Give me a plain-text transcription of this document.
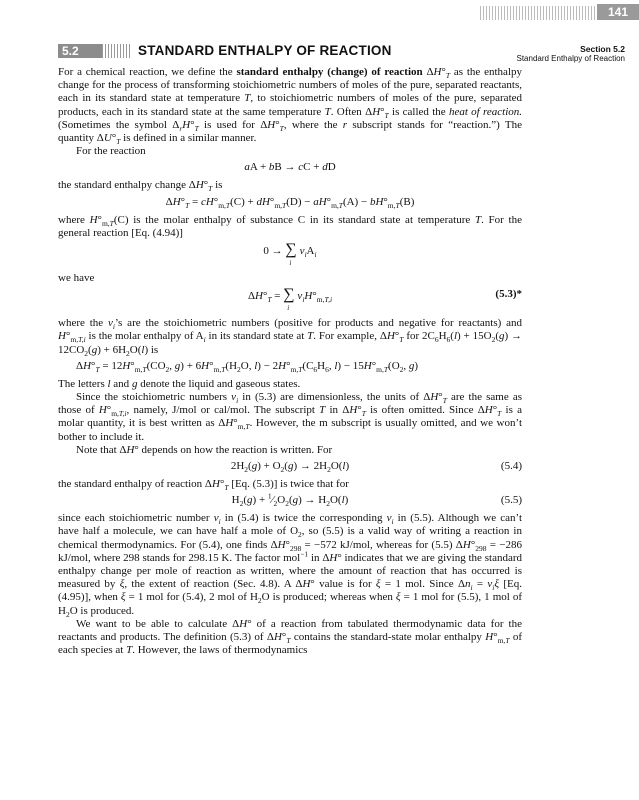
141
5.2	STANDARD ENTHALPY OF REACTION	Section 5.2
Standard Enthalpy of Reaction

For a chemical reaction, we define the standard enthalpy (change) of reaction $\Delta H^\circ_T$ as the enthalpy change for the process of transforming stoichiometric numbers of moles of the pure, separated reactants, each in its standard state at temperature T, to stoichiometric numbers of moles of the pure, separated products, each in its standard state at the same temperature T. Often $\Delta H^\circ_T$ is called the heat of reaction. (Sometimes the symbol $\Delta_rH^\circ_T$ is used for $\Delta H^\circ_T$, where the r subscript stands for “reaction.”) The quantity $\Delta U^\circ_T$ is defined in a similar manner.

For the reaction

aA + bB → cC + dD

the standard enthalpy change $\Delta H^\circ_T$ is

$\Delta H^\circ_T = cH^\circ_{m,T}(C) + dH^\circ_{m,T}(D) - aH^\circ_{m,T}(A) - bH^\circ_{m,T}(B)$

where $H^\circ_{m,T}(C)$ is the molar enthalpy of substance C in its standard state at temperature T. For the general reaction [Eq. (4.94)]

0 → ∑
i
$\nu_iA_i$

we have

$\Delta H^\circ_T$ = ∑
i
$\nu_iH^\circ_{m,T,i}$	(5.3)*

where the $\nu_i’s$ are the stoichiometric numbers (positive for products and negative for reactants) and $H^\circ_{m,T,i}$ is the molar enthalpy of $A_i$ in its standard state at T. For example, $\Delta H^\circ_T$ for $2C_6H_6(l) + 15O_2(g) \to 12CO_2(g) + 6H_2O(l)$ is

$\Delta H^\circ_T = 12H^\circ_{m,T}(CO_2$, $g) + 6H^\circ_{m,T}(H_2O$, $l) - 2H^\circ_{m,T}(C_6H_6$, $l) - 15H^\circ_{m,T}(O_2$, g)

The letters l and g denote the liquid and gaseous states.

Since the stoichiometric numbers $\nu_i$ in (5.3) are dimensionless, the units of $\Delta H^\circ_T$ are the same as those of $H^\circ_{m,T,i}$, namely, J/mol or cal/mol. The subscript T in $\Delta H^\circ_T$ is often omitted. Since $\Delta H^\circ_T$ is a molar quantity, it is best written as $\Delta H^\circ_{m,T}$. However, the m subscript is usually omitted, and we won’t bother to include it.

Note that ΔH° depends on how the reaction is written. For

$2H_2(g) + O_2(g) \to 2H_2O(l)$	(5.4)

the standard enthalpy of reaction $\Delta H^\circ_T$ [Eq. (5.3)] is twice that for

$H_2(g)$ + $^1⁄_2O_2(g) \to H_2O(l)$	(5.5)

since each stoichiometric number $\nu_i$ in (5.4) is twice the corresponding $\nu_i$ in (5.5). Although we can’t have half a molecule, we can have half a mole of $O_2$, so (5.5) is a valid way of writing a reaction in chemical thermodynamics. For (5.4), one finds $\Delta H^\circ_{298} = -572$ kJ/mol, whereas for (5.5) $\Delta H^\circ_{298} = -286$ kJ/mol, where 298 stands for 298.15 K. The factor mol$^{-1}$ in ΔH° indicates that we are giving the standard enthalpy change per mole of reaction as written, where the amount of reaction that has occurred is measured by ξ, the extent of reaction (Sec. 4.8). A ΔH° value is for ξ = 1 mol. Since $\Delta n_i = \nu_i\xi$ [Eq. (4.95)], when ξ = 1 mol for (5.4), 2 mol of $H_2O$ is produced; whereas when ξ = 1 mol for (5.5), 1 mol of $H_2O$ is produced.

We want to be able to calculate ΔH° of a reaction from tabulated thermodynamic data for the reactants and products. The definition (5.3) of $\Delta H^\circ_T$ contains the standard-state molar enthalpy $H^\circ_{m,T}$ of each species at T. However, the laws of thermodynamics
